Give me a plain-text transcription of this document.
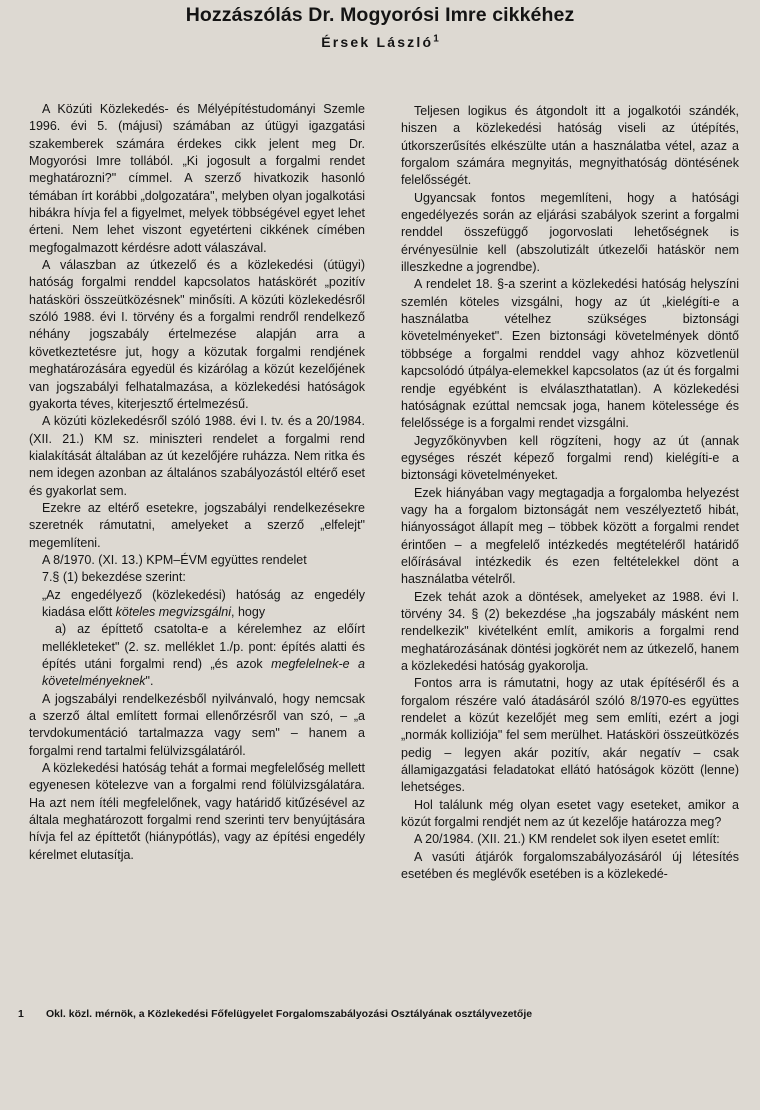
Hozzászólás Dr. Mogyorósi Imre cikkéhez
Érsek László$^1$

A Közúti Közlekedés- és Mélyépítéstudományi Szemle 1996. évi 5. (májusi) számában az útügyi igazgatási szakemberek számára érdekes cikk jelent meg Dr. Mogyorósi Imre tollából. „Ki jogosult a forgalmi rendet meghatározni?" címmel. A szerző hivatkozik hasonló témában írt korábbi „dolgozatára", melyben olyan jogalkotási hibákra hívja fel a figyelmet, melyek többségével egyet lehet érteni. Nem lehet viszont egyetérteni cikkének címében megfogalmazott kérdésre adott válaszával.

A válaszban az útkezelő és a közlekedési (útügyi) hatóság forgalmi renddel kapcsolatos hatáskörét „pozitív hatásköri összeütközésnek" minősíti. A közúti közlekedésről szóló 1988. évi I. törvény és a forgalmi rendről rendelkező néhány jogszabály értelmezése alapján arra a következtetésre jut, hogy a közutak forgalmi rendjének meghatározására egyedül és kizárólag a közút kezelőjének van jogszabályi felhatalmazása, a közlekedési hatóságok gyakorta téves, kiterjesztő értelmezésű.

A közúti közlekedésről szóló 1988. évi I. tv. és a 20/1984. (XII. 21.) KM sz. miniszteri rendelet a forgalmi rend kialakítását általában az út kezelőjére ruházza. Nem ritka és nem idegen azonban az általános szabályozástól eltérő eset és gyakorlat sem.

Ezekre az eltérő esetekre, jogszabályi rendelkezésekre szeretnék rámutatni, amelyeket a szerző „elfelejt" megemlíteni.

A 8/1970. (XI. 13.) KPM–ÉVM együttes rendelet

7.§ (1) bekezdése szerint:

„Az engedélyező (közlekedési) hatóság az engedély kiadása előtt köteles megvizsgálni, hogy

a) az építtető csatolta-e a kérelemhez az előírt mellékleteket" (2. sz. melléklet 1./p. pont: építés alatti és építés utáni forgalmi rend) „és azok megfelelnek-e a követelményeknek".

A jogszabályi rendelkezésből nyilvánvaló, hogy nemcsak a szerző által említett formai ellenőrzésről van szó, – „a tervdokumentáció tartalmazza vagy sem" – hanem a forgalmi rend tartalmi felülvizsgálatáról.

A közlekedési hatóság tehát a formai megfelelőség mellett egyenesen kötelezve van a forgalmi rend fölülvizsgálatára. Ha azt nem ítéli megfelelőnek, vagy határidő kitűzésével az általa meghatározott forgalmi rend szerinti terv benyújtására hívja fel az építtetőt (hiánypótlás), vagy az építési engedély kérelmet elutasítja.

Teljesen logikus és átgondolt itt a jogalkotói szándék, hiszen a közlekedési hatóság viseli az útépítés, útkorszerűsítés elkészülte után a használatba vétel, azaz a forgalom számára megnyitás, megnyithatóság döntésének felelősségét.

Ugyancsak fontos megemlíteni, hogy a hatósági engedélyezés során az eljárási szabályok szerint a forgalmi renddel összefüggő jogorvoslati lehetőségnek is érvényesülnie kell (abszolutizált útkezelői hatáskör nem illeszkedne a jogrendbe).

A rendelet 18. §-a szerint a közlekedési hatóság helyszíni szemlén köteles vizsgálni, hogy az út „kielégíti-e a használatba vételhez szükséges biztonsági követelményeket". Ezen biztonsági követelmények döntő többsége a forgalmi renddel vagy ahhoz közvetlenül kapcsolódó útpálya-elemekkel kapcsolatos (az út és forgalmi rendje egyébként is elválaszthatatlan). A közlekedési hatóságnak ezúttal nemcsak joga, hanem kötelessége és felelőssége is a forgalmi rendet vizsgálni.

Jegyzőkönyvben kell rögzíteni, hogy az út (annak egységes részét képező forgalmi rend) kielégíti-e a biztonsági követelményeket.

Ezek hiányában vagy megtagadja a forgalomba helyezést vagy ha a forgalom biztonságát nem veszélyeztető hibát, hiányosságot állapít meg – többek között a forgalmi rendet érintően – a megfelelő intézkedés megtételéről határidő előírásával intézkedik és ezen feltételekkel dönt a használatba vételről.

Ezek tehát azok a döntések, amelyeket az 1988. évi I. törvény 34. § (2) bekezdése „ha jogszabály másként nem rendelkezik" kivételként említ, amikoris a forgalmi rend meghatározásának döntési jogkörét nem az útkezelő, hanem a közlekedési hatóság gyakorolja.

Fontos arra is rámutatni, hogy az utak építéséről és a forgalom részére való átadásáról szóló 8/1970-es együttes rendelet a közút kezelőjét meg sem említi, ezért a jogi „normák kolliziója" fel sem merülhet. Hatásköri összeütközés pedig – legyen akár pozitív, akár negatív – csak államigazgatási feladatokat ellátó hatóságok között (lenne) lehetséges.

Hol találunk még olyan esetet vagy eseteket, amikor a közút forgalmi rendjét nem az út kezelője határozza meg?

A 20/1984. (XII. 21.) KM rendelet sok ilyen esetet említ:

A vasúti átjárók forgalomszabályozásáról új létesítés esetében és meglévők esetében is a közlekedé-

1 Okl. közl. mérnök, a Közlekedési Főfelügyelet Forgalomszabályozási Osztályának osztályvezetője
